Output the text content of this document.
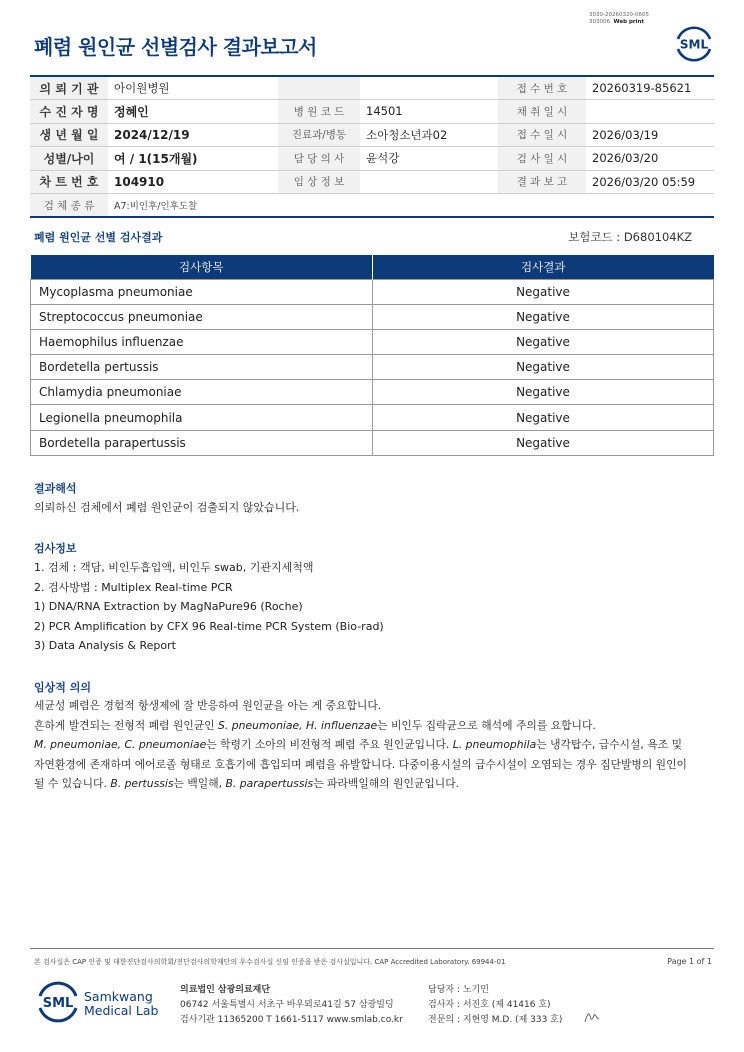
3030-20260320-0605
303006 Web print
폐렴 원인균 선별검사 결과보고서	SML
의 뢰 기 관	아이원병원			접 수 번 호	20260319-85621
수 진 자 명	정혜인	병 원 코 드	14501	채 취 일 시	
생 년 월 일	2024/12/19	진료과/병동	소아청소년과02	접 수 일 시	2026/03/19
성별/나이	여 / 1(15개월)	담 당 의 사	윤석강	검 사 일 시	2026/03/20
차 트 번 호	104910	임 상 정 보		결 과 보 고	2026/03/20 05:59
검 체 종 류	A7:비인후/인후도찰				
폐렴 원인균 선별 검사결과	보험코드 : D680104KZ
검사항목	검사결과
Mycoplasma pneumoniae	Negative
Streptococcus pneumoniae	Negative
Haemophilus influenzae	Negative
Bordetella pertussis	Negative
Chlamydia pneumoniae	Negative
Legionella pneumophila	Negative
Bordetella parapertussis	Negative
결과해석
의뢰하신 검체에서 폐렴 원인균이 검출되지 않았습니다.
검사정보
1. 검체 : 객담, 비인두흡입액, 비인두 swab, 기관지세척액
2. 검사방법 : Multiplex Real-time PCR
1) DNA/RNA Extraction by MagNaPure96 (Roche)
2) PCR Amplification by CFX 96 Real-time PCR System (Bio-rad)
3) Data Analysis & Report
임상적 의의
세균성 폐렴은 경험적 항생제에 잘 반응하여 원인균을 아는 게 중요합니다.
흔하게 발견되는 전형적 폐렴 원인균인 S. pneumoniae, H. influenzae는 비인두 집락균으로 해석에 주의를 요합니다.
M. pneumoniae, C. pneumoniae는 학령기 소아의 비전형적 폐렴 주요 원인균입니다. L. pneumophila는 냉각탑수, 급수시설, 욕조 및
자연환경에 존재하며 에어로졸 형태로 호흡기에 흡입되며 폐렴을 유발합니다. 다중이용시설의 급수시설이 오염되는 경우 집단발병의 원인이
될 수 있습니다. B. pertussis는 백일해, B. parapertussis는 파라백일해의 원인균입니다.
본 검사실은 CAP 인증 및 대한진단검사의학회/진단검사의학재단의 우수검사실 신임 인증을 받은 검사실입니다. CAP Accredited Laboratory. 69944-01	Page 1 of 1
SML Samkwang
Medical Lab
의료법인 삼광의료재단
06742 서울특별시 서초구 바우뫼로41길 57 삼광빌딩
검사기관 11365200 T 1661-5117 www.smlab.co.kr
담당자 : 노기민
검사자 : 서진호 (제 41416 호)
전문의 : 지현영 M.D. (제 333 호)
